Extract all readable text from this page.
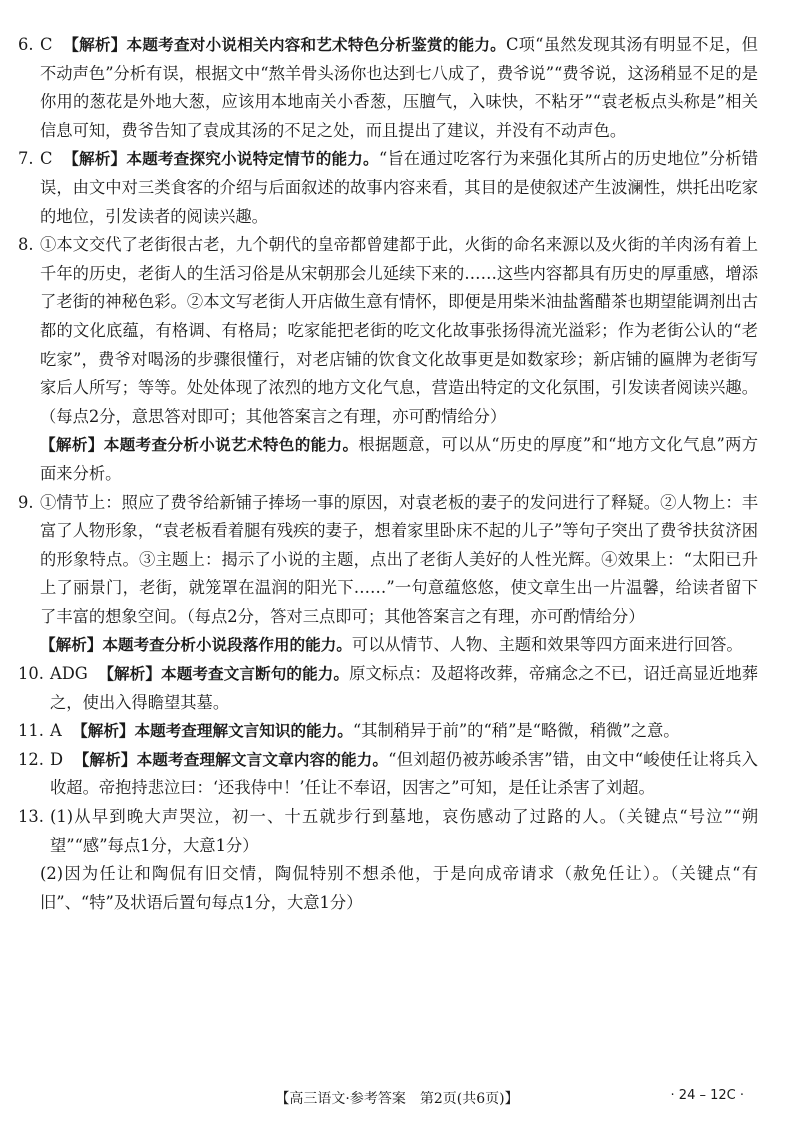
6. C 【解析】本题考查对小说相关内容和艺术特色分析鉴赏的能力。C项“虽然发现其汤有明显不足，但不动声色”分析有误，根据文中“熬羊骨头汤你也达到七八成了，费爷说”“费爷说，这汤稍显不足的是你用的葱花是外地大葱，应该用本地南关小香葱，压膻气，入味快，不粘牙”“袁老板点头称是”相关信息可知，费爷告知了袁成其汤的不足之处，而且提出了建议，并没有不动声色。

7. C 【解析】本题考查探究小说特定情节的能力。“旨在通过吃客行为来强化其所占的历史地位”分析错误，由文中对三类食客的介绍与后面叙述的故事内容来看，其目的是使叙述产生波澜性，烘托出吃家的地位，引发读者的阅读兴趣。

8. ①本文交代了老街很古老，九个朝代的皇帝都曾建都于此，火街的命名来源以及火街的羊肉汤有着上千年的历史，老街人的生活习俗是从宋朝那会儿延续下来的……这些内容都具有历史的厚重感，增添了老街的神秘色彩。②本文写老街人开店做生意有情怀，即便是用柴米油盐酱醋茶也期望能调剂出古都的文化底蕴，有格调、有格局；吃家能把老街的吃文化故事张扬得流光溢彩；作为老街公认的“老吃家”，费爷对喝汤的步骤很懂行，对老店铺的饮食文化故事更是如数家珍；新店铺的匾牌为老街写家后人所写；等等。处处体现了浓烈的地方文化气息，营造出特定的文化氛围，引发读者阅读兴趣。（每点2分，意思答对即可；其他答案言之有理，亦可酌情给分）

【解析】本题考查分析小说艺术特色的能力。根据题意，可以从“历史的厚度”和“地方文化气息”两方面来分析。

9. ①情节上：照应了费爷给新铺子捧场一事的原因，对袁老板的妻子的发问进行了释疑。②人物上：丰富了人物形象，“袁老板看着腿有残疾的妻子，想着家里卧床不起的儿子”等句子突出了费爷扶贫济困的形象特点。③主题上：揭示了小说的主题，点出了老街人美好的人性光辉。④效果上：“太阳已升上了丽景门，老街，就笼罩在温润的阳光下……”一句意蕴悠悠，使文章生出一片温馨，给读者留下了丰富的想象空间。（每点2分，答对三点即可；其他答案言之有理，亦可酌情给分）

【解析】本题考查分析小说段落作用的能力。可以从情节、人物、主题和效果等四方面来进行回答。

10. ADG 【解析】本题考查文言断句的能力。原文标点：及超将改葬，帝痛念之不已，诏迁高显近地葬之，使出入得瞻望其墓。

11. A 【解析】本题考查理解文言知识的能力。“其制稍异于前”的“稍”是“略微，稍微”之意。

12. D 【解析】本题考查理解文言文章内容的能力。“但刘超仍被苏峻杀害”错，由文中“峻使任让将兵入收超。帝抱持悲泣曰：‘还我侍中！’任让不奉诏，因害之”可知，是任让杀害了刘超。

13. (1)从早到晚大声哭泣，初一、十五就步行到墓地，哀伤感动了过路的人。（关键点“号泣”“朔望”“感”每点1分，大意1分）

(2)因为任让和陶侃有旧交情，陶侃特别不想杀他，于是向成帝请求（赦免任让）。（关键点“有旧”、“特”及状语后置句每点1分，大意1分）

【高三语文·参考答案　第2页(共6页)】	· 24 – 12C ·
